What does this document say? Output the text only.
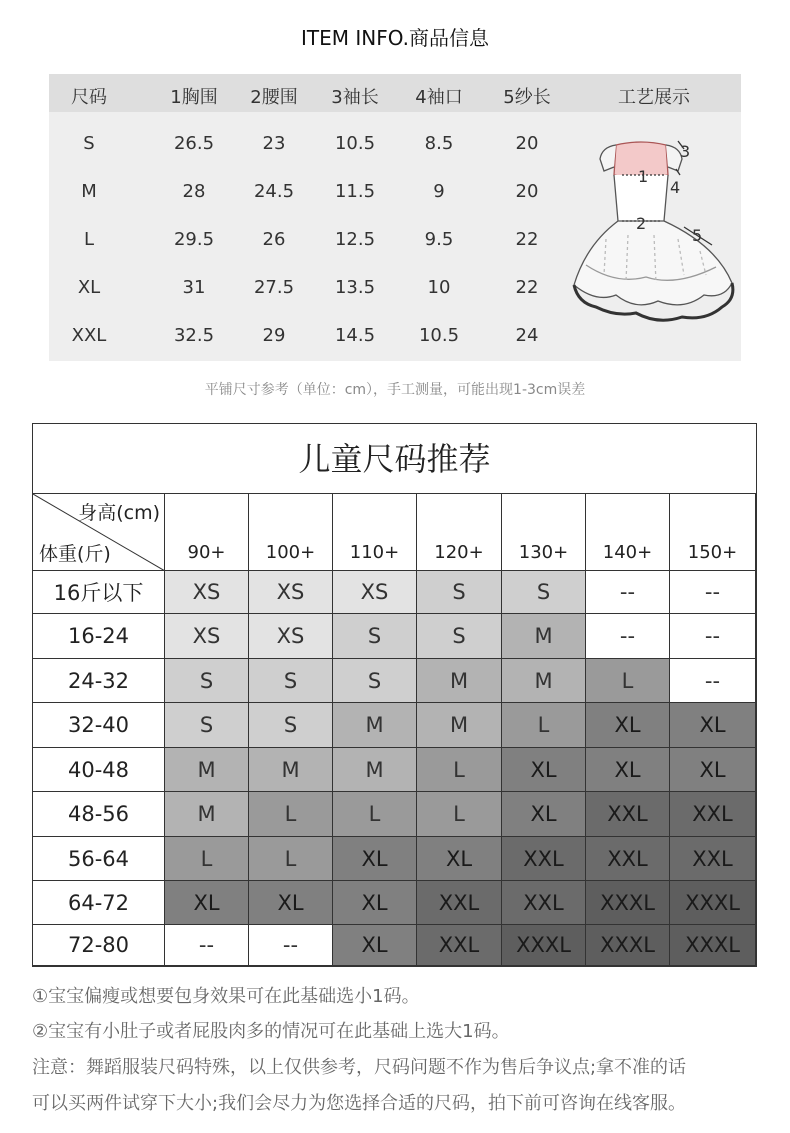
ITEM INFO.商品信息
尺码	1胸围	2腰围	3袖长	4袖口	5纱长	工艺展示
S	26.5	23	10.5	8.5	20
M	28	24.5	11.5	9	20
L	29.5	26	12.5	9.5	22
XL	31	27.5	13.5	10	22
XXL	32.5	29	14.5	10.5	24
1
2
3
4
5
平铺尺寸参考（单位：cm），手工测量，可能出现1-3cm误差
儿童尺码推荐
身高(cm)
体重(斤)	90+	100+	110+	120+	130+	140+	150+
16斤以下	XS	XS	XS	S	S	--	--
16-24	XS	XS	S	S	M	--	--
24-32	S	S	S	M	M	L	--
32-40	S	S	M	M	L	XL	XL
40-48	M	M	M	L	XL	XL	XL
48-56	M	L	L	L	XL	XXL	XXL
56-64	L	L	XL	XL	XXL	XXL	XXL
64-72	XL	XL	XL	XXL	XXL	XXXL	XXXL
72-80	--	--	XL	XXL	XXXL	XXXL	XXXL
①宝宝偏瘦或想要包身效果可在此基础选小1码。
②宝宝有小肚子或者屁股肉多的情况可在此基础上选大1码。
注意：舞蹈服装尺码特殊，以上仅供参考，尺码问题不作为售后争议点;拿不准的话
可以买两件试穿下大小;我们会尽力为您选择合适的尺码，拍下前可咨询在线客服。
